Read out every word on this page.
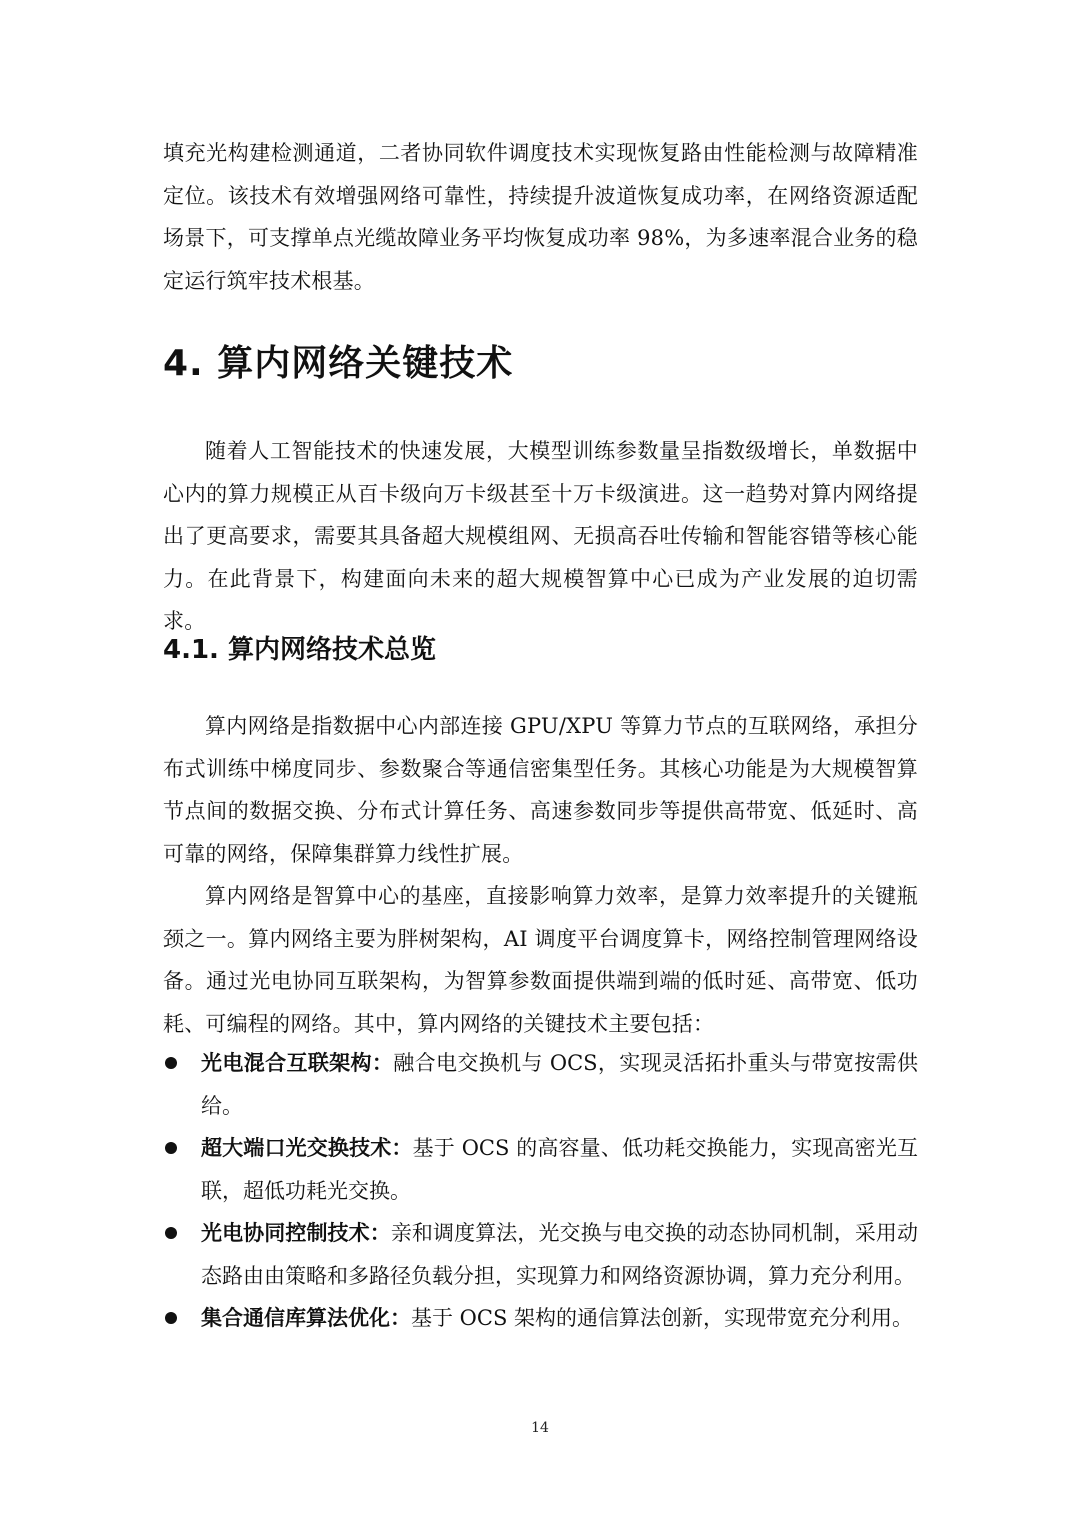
填充光构建检测通道，二者协同软件调度技术实现恢复路由性能检测与故障精准定位。该技术有效增强网络可靠性，持续提升波道恢复成功率，在网络资源适配场景下，可支撑单点光缆故障业务平均恢复成功率 98%，为多速率混合业务的稳定运行筑牢技术根基。

4. 算内网络关键技术

随着人工智能技术的快速发展，大模型训练参数量呈指数级增长，单数据中心内的算力规模正从百卡级向万卡级甚至十万卡级演进。这一趋势对算内网络提出了更高要求，需要其具备超大规模组网、无损高吞吐传输和智能容错等核心能力。在此背景下，构建面向未来的超大规模智算中心已成为产业发展的迫切需求。

4.1. 算内网络技术总览

算内网络是指数据中心内部连接 GPU/XPU 等算力节点的互联网络，承担分布式训练中梯度同步、参数聚合等通信密集型任务。其核心功能是为大规模智算节点间的数据交换、分布式计算任务、高速参数同步等提供高带宽、低延时、高可靠的网络，保障集群算力线性扩展。

算内网络是智算中心的基座，直接影响算力效率，是算力效率提升的关键瓶颈之一。算内网络主要为胖树架构，AI 调度平台调度算卡，网络控制管理网络设备。通过光电协同互联架构，为智算参数面提供端到端的低时延、高带宽、低功耗、可编程的网络。其中，算内网络的关键技术主要包括：

光电混合互联架构：融合电交换机与 OCS，实现灵活拓扑重头与带宽按需供给。
超大端口光交换技术：基于 OCS 的高容量、低功耗交换能力，实现高密光互联，超低功耗光交换。
光电协同控制技术：亲和调度算法，光交换与电交换的动态协同机制，采用动态路由由策略和多路径负载分担，实现算力和网络资源协调，算力充分利用。
集合通信库算法优化：基于 OCS 架构的通信算法创新，实现带宽充分利用。
14
